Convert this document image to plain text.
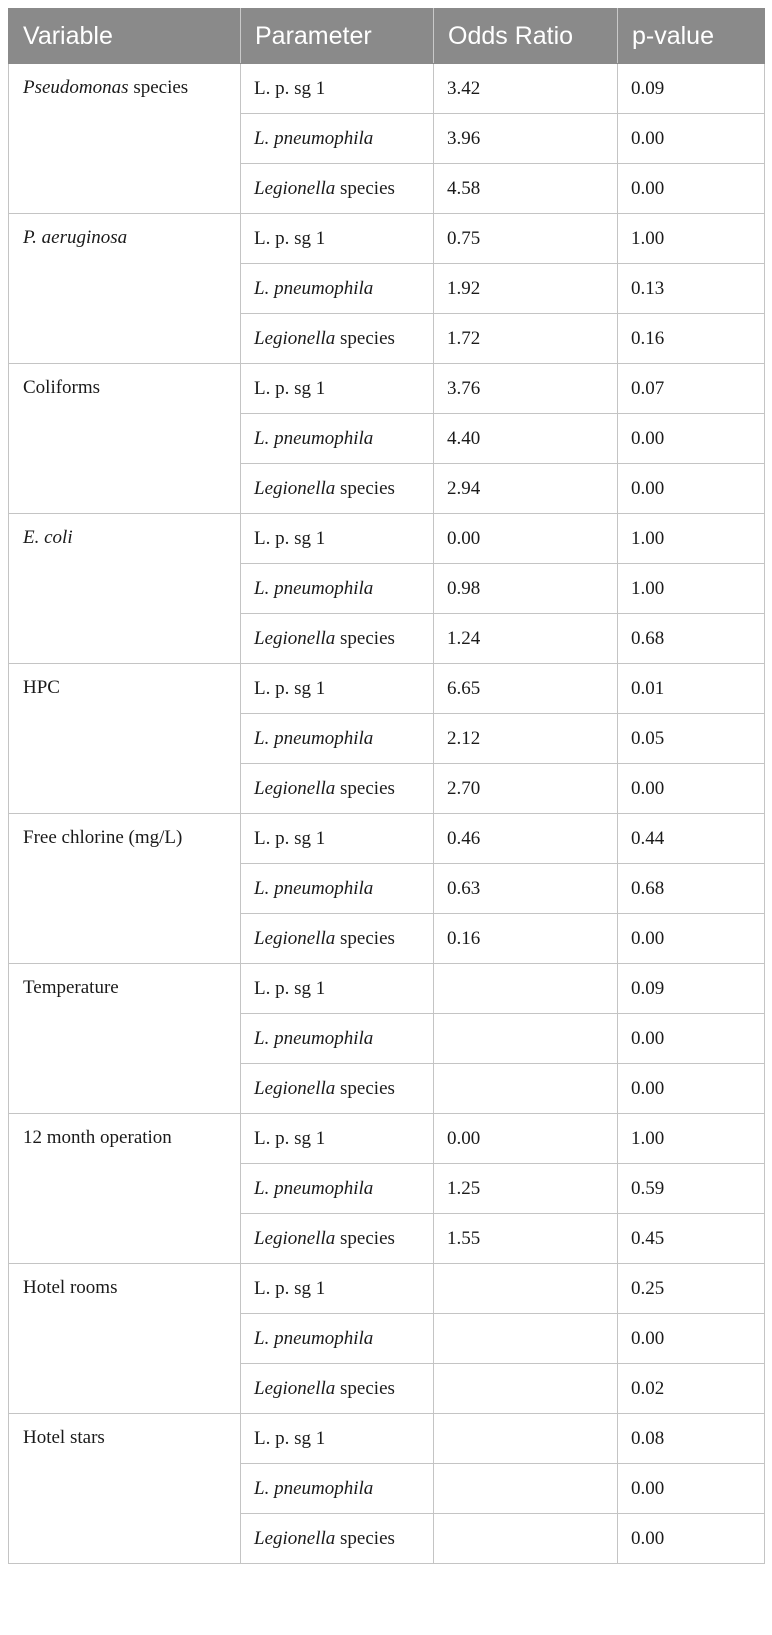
Variable	Parameter	Odds Ratio	p-value
Pseudomonas species	L. p. sg 1	3.42	0.09
	L. pneumophila	3.96	0.00
	Legionella species	4.58	0.00
P. aeruginosa	L. p. sg 1	0.75	1.00
	L. pneumophila	1.92	0.13
	Legionella species	1.72	0.16
Coliforms	L. p. sg 1	3.76	0.07
	L. pneumophila	4.40	0.00
	Legionella species	2.94	0.00
E. coli	L. p. sg 1	0.00	1.00
	L. pneumophila	0.98	1.00
	Legionella species	1.24	0.68
HPC	L. p. sg 1	6.65	0.01
	L. pneumophila	2.12	0.05
	Legionella species	2.70	0.00
Free chlorine (mg/L)	L. p. sg 1	0.46	0.44
	L. pneumophila	0.63	0.68
	Legionella species	0.16	0.00
Temperature	L. p. sg 1		0.09
	L. pneumophila		0.00
	Legionella species		0.00
12 month operation	L. p. sg 1	0.00	1.00
	L. pneumophila	1.25	0.59
	Legionella species	1.55	0.45
Hotel rooms	L. p. sg 1		0.25
	L. pneumophila		0.00
	Legionella species		0.02
Hotel stars	L. p. sg 1		0.08
	L. pneumophila		0.00
	Legionella species		0.00
